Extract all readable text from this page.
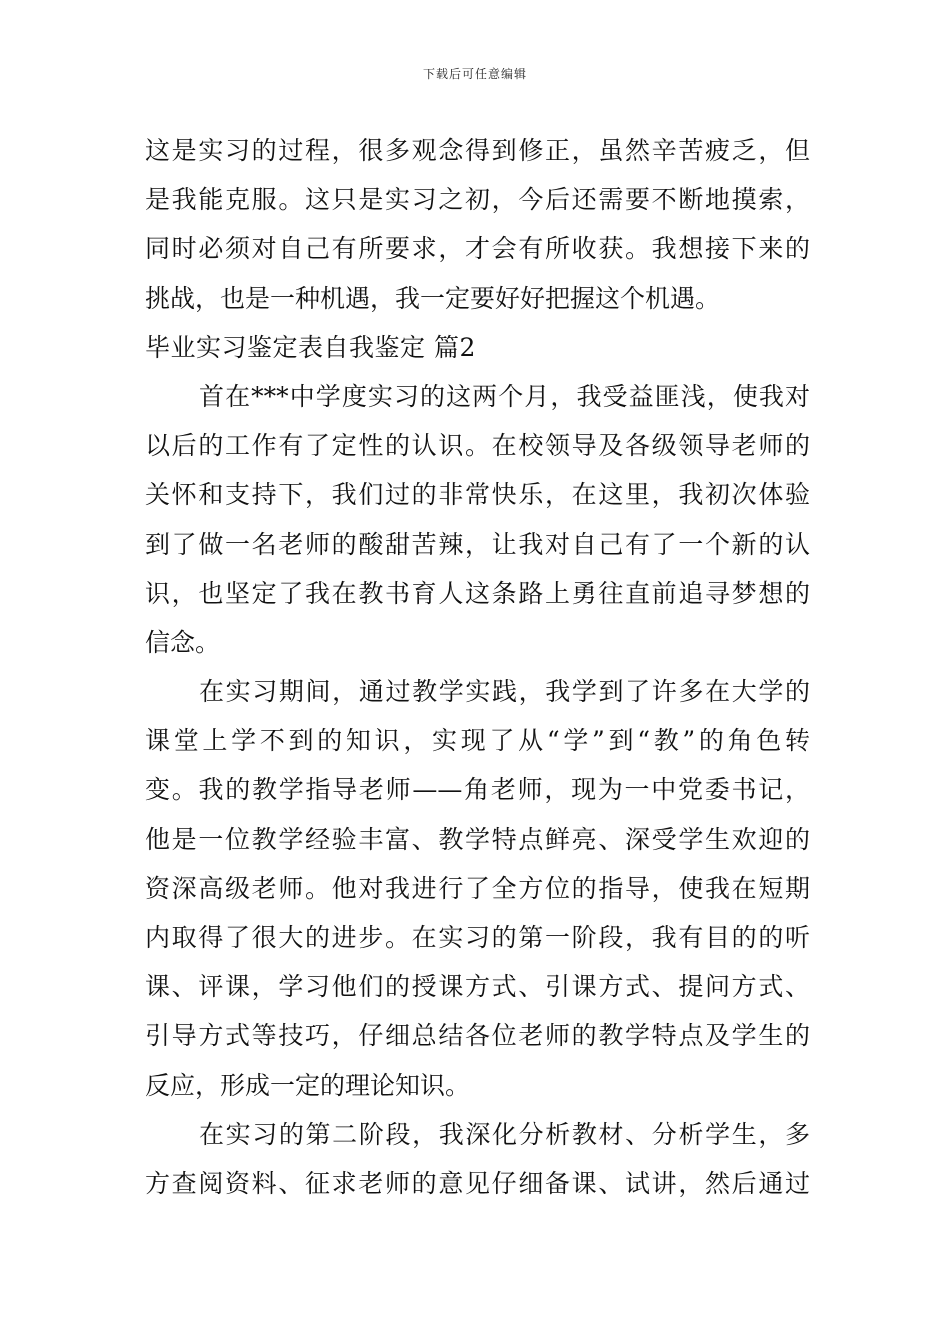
下载后可任意编辑
这是实习的过程，很多观念得到修正，虽然辛苦疲乏，但
是我能克服。这只是实习之初，今后还需要不断地摸索，
同时必须对自己有所要求，才会有所收获。我想接下来的
挑战，也是一种机遇，我一定要好好把握这个机遇。
毕业实习鉴定表自我鉴定 篇2
首在***中学度实习的这两个月，我受益匪浅，使我对
以后的工作有了定性的认识。在校领导及各级领导老师的
关怀和支持下，我们过的非常快乐，在这里，我初次体验
到了做一名老师的酸甜苦辣，让我对自己有了一个新的认
识，也坚定了我在教书育人这条路上勇往直前追寻梦想的
信念。
在实习期间，通过教学实践，我学到了许多在大学的
课堂上学不到的知识，实现了从“学”到“教”的角色转
变。我的教学指导老师——角老师，现为一中党委书记，
他是一位教学经验丰富、教学特点鲜亮、深受学生欢迎的
资深高级老师。他对我进行了全方位的指导，使我在短期
内取得了很大的进步。在实习的第一阶段，我有目的的听
课、评课，学习他们的授课方式、引课方式、提问方式、
引导方式等技巧，仔细总结各位老师的教学特点及学生的
反应，形成一定的理论知识。
在实习的第二阶段，我深化分析教材、分析学生，多
方查阅资料、征求老师的意见仔细备课、试讲，然后通过
